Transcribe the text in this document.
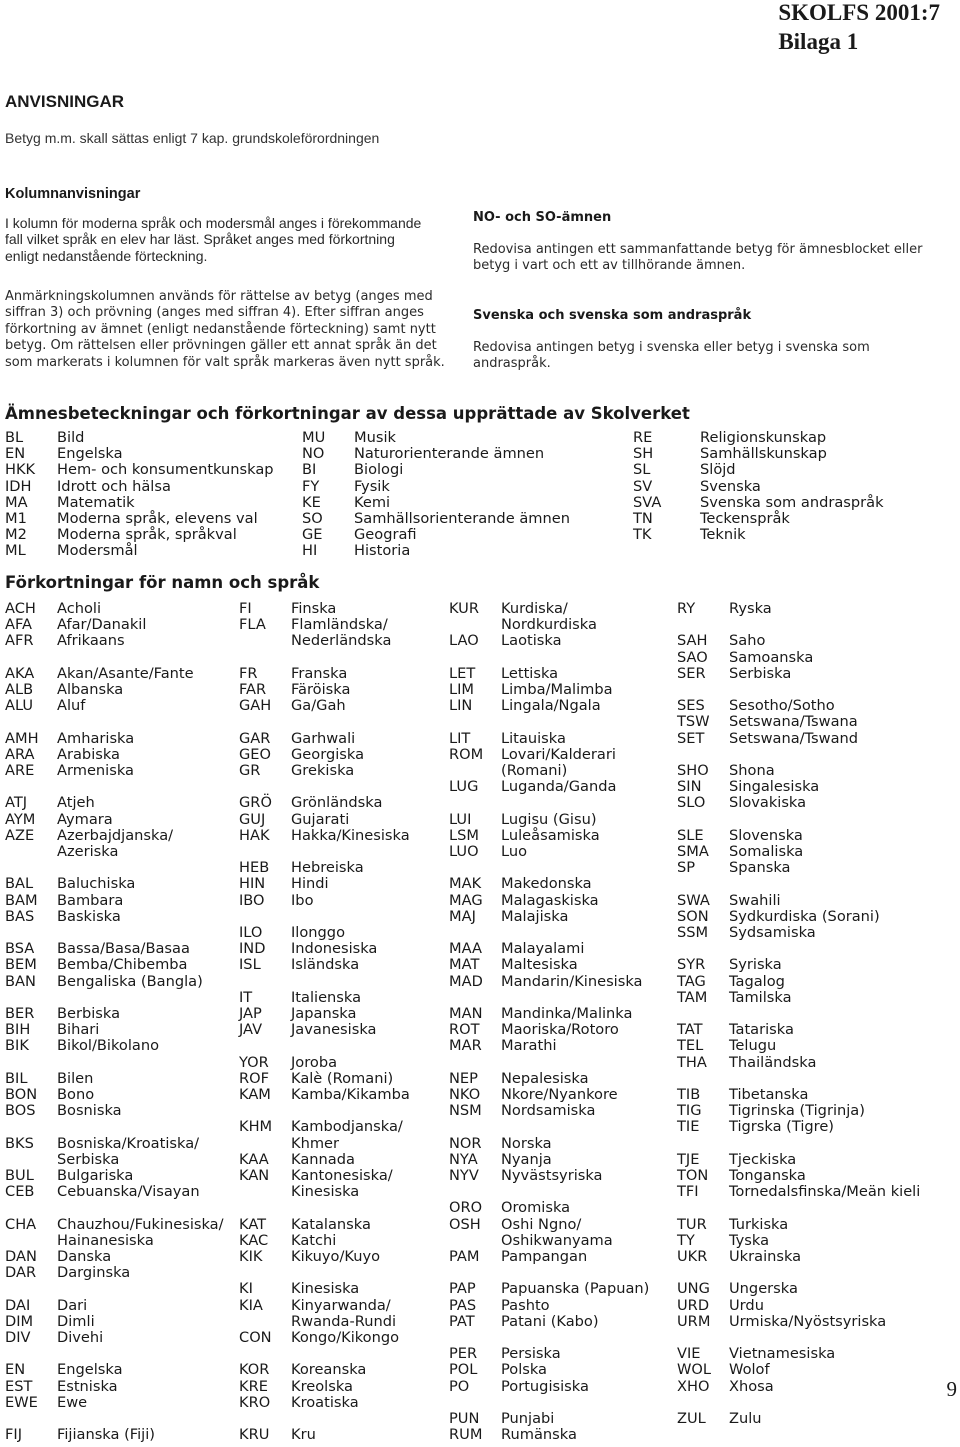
SKOLFS 2001:7
Bilaga 1
ANVISNINGAR
Betyg m.m. skall sättas enligt 7 kap. grundskoleförordningen
Kolumnanvisningar
I kolumn för moderna språk och modersmål anges i förekommande
fall vilket språk en elev har läst. Språket anges med förkortning
enligt nedanstående förteckning.
Anmärkningskolumnen används för rättelse av betyg (anges med
siffran 3) och prövning (anges med siffran 4). Efter siffran anges
förkortning av ämnet (enligt nedanstående förteckning) samt nytt
betyg. Om rättelsen eller prövningen gäller ett annat språk än det
som markerats i kolumnen för valt språk markeras även nytt språk.
NO- och SO-ämnen
Redovisa antingen ett sammanfattande betyg för ämnesblocket eller
betyg i vart och ett av tillhörande ämnen.
Svenska och svenska som andraspråk
Redovisa antingen betyg i svenska eller betyg i svenska som
andraspråk.
Ämnesbeteckningar och förkortningar av dessa upprättade av Skolverket
BL Bild
EN Engelska
HKK Hem- och konsumentkunskap
IDH Idrott och hälsa
MA Matematik
M1 Moderna språk, elevens val
M2 Moderna språk, språkval
ML Modersmål
MU Musik
NO Naturorienterande ämnen
BI	Biologi
FY Fysik
KE Kemi
SO Samhällsorienterande ämnen
GE Geografi
HI	Historia
RE	Religionskunskap
SH	Samhällskunskap
SL	Slöjd
SV	Svenska
SVA	Svenska som andraspråk
TN	Teckenspråk
TK	Teknik
Förkortningar för namn och språk
ACH Acholi
AFA Afar/Danakil
AFR Afrikaans
AKA Akan/Asante/Fante
ALB Albanska
ALU Aluf
AMH Amhariska
ARA Arabiska
ARE Armeniska
ATJ Atjeh
AYM Aymara
AZE Azerbajdjanska/
Azeriska
BAL Baluchiska
BAM Bambara
BAS Baskiska
BSA Bassa/Basa/Basaa
BEM Bemba/Chibemba
BAN Bengaliska (Bangla)
BER Berbiska
BIH Bihari
BIK Bikol/Bikolano
BIL Bilen
BON Bono
BOS Bosniska
BKS Bosniska/Kroatiska/
Serbiska
BUL Bulgariska
CEB Cebuanska/Visayan
CHA Chauzhou/Fukinesiska/
Hainanesiska
DAN Danska
DAR Darginska
DAI Dari
DIM Dimli
DIV Divehi
EN Engelska
EST Estniska
EWE Ewe
FIJ Fijianska (Fiji)
FI	Finska
FLA Flamländska/
Nederländska
FR Franska
FAR Färöiska
GAH Ga/Gah
GAR Garhwali
GEO Georgiska
GR Grekiska
GRÖ Grönländska
GUJ Gujarati
HAK Hakka/Kinesiska
HEB Hebreiska
HIN Hindi
IBO Ibo
ILO Ilonggo
IND Indonesiska
ISL Isländska
IT	Italienska
JAP Japanska
JAV Javanesiska
YOR Joroba
ROF Kalè (Romani)
KAM Kamba/Kikamba
KHM Kambodjanska/
Khmer
KAA Kannada
KAN Kantonesiska/
Kinesiska
KAT Katalanska
KAC Katchi
KIK Kikuyo/Kuyo
KI	Kinesiska
KIA Kinyarwanda/
Rwanda-Rundi
CON Kongo/Kikongo
KOR Koreanska
KRE Kreolska
KRO Kroatiska
KRU Kru
KUR Kurdiska/
Nordkurdiska
LAO Laotiska
LET Lettiska
LIM Limba/Malimba
LIN Lingala/Ngala
LIT Litauiska
ROM Lovari/Kalderari
(Romani)
LUG Luganda/Ganda
LUI Lugisu (Gisu)
LSM Luleåsamiska
LUO Luo
MAK Makedonska
MAG Malagaskiska
MAJ Malajiska
MAA Malayalami
MAT Maltesiska
MAD Mandarin/Kinesiska
MAN Mandinka/Malinka
ROT Maoriska/Rotoro
MAR Marathi
NEP Nepalesiska
NKO Nkore/Nyankore
NSM Nordsamiska
NOR Norska
NYA Nyanja
NYV Nyvästsyriska
ORO Oromiska
OSH Oshi Ngno/
Oshikwanyama
PAM Pampangan
PAP Papuanska (Papuan)
PAS Pashto
PAT Patani (Kabo)
PER Persiska
POL Polska
PO Portugisiska
PUN Punjabi
RUM Rumänska
RY Ryska
SAH Saho
SAO Samoanska
SER Serbiska
SES Sesotho/Sotho
TSW Setswana/Tswana
SET Setswana/Tswand
SHO Shona
SIN Singalesiska
SLO Slovakiska
SLE Slovenska
SMA Somaliska
SP Spanska
SWA Swahili
SON Sydkurdiska (Sorani)
SSM Sydsamiska
SYR Syriska
TAG Tagalog
TAM Tamilska
TAT Tatariska
TEL Telugu
THA Thailändska
TIB Tibetanska
TIG Tigrinska (Tigrinja)
TIE Tigrska (Tigre)
TJE Tjeckiska
TON Tonganska
TFI Tornedalsfinska/Meän kieli
TUR Turkiska
TY Tyska
UKR Ukrainska
UNG Ungerska
URD Urdu
URM Urmiska/Nyöstsyriska
VIE Vietnamesiska
WOL Wolof
XHO Xhosa
ZUL Zulu
9
